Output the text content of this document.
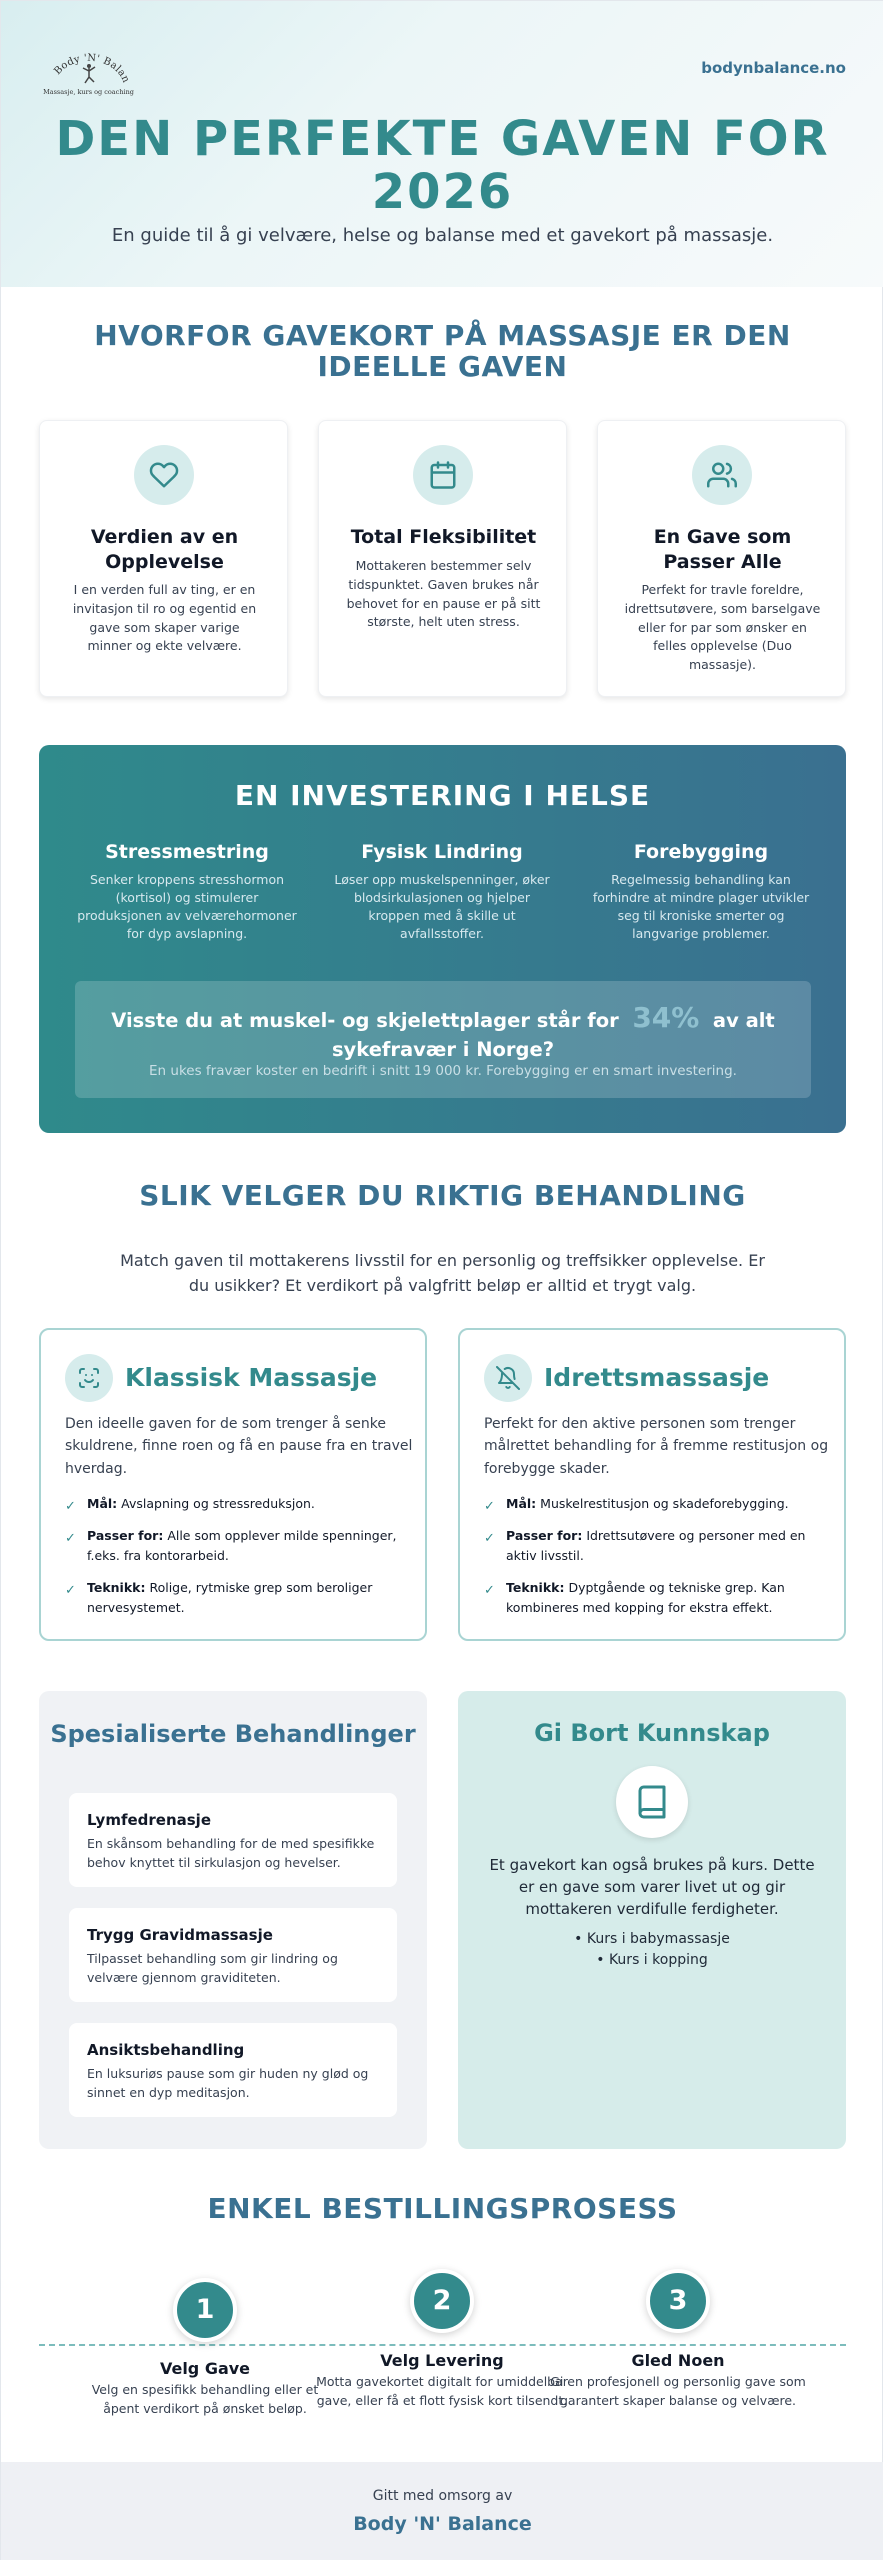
Body 'N' Balan
Massasje, kurs og coaching
bodynbalance.no
DEN PERFEKTE GAVEN FOR 2026
En guide til å gi velvære, helse og balanse med et gavekort på massasje.
HVORFOR GAVEKORT PÅ MASSASJE ER DEN IDEELLE GAVEN
Verdien av en Opplevelse

I en verden full av ting, er en invitasjon til ro og egentid en gave som skaper varige minner og ekte velvære.

Total Fleksibilitet

Mottakeren bestemmer selv tidspunktet. Gaven brukes når behovet for en pause er på sitt største, helt uten stress.

En Gave som Passer Alle

Perfekt for travle foreldre, idrettsutøvere, som barselgave eller for par som ønsker en felles opplevelse (Duo massasje).

EN INVESTERING I HELSE
Stressmestring

Senker kroppens stresshormon (kortisol) og stimulerer produksjonen av velværehormoner for dyp avslapning.

Fysisk Lindring

Løser opp muskelspenninger, øker blodsirkulasjonen og hjelper kroppen med å skille ut avfallsstoffer.

Forebygging

Regelmessig behandling kan forhindre at mindre plager utvikler seg til kroniske smerter og langvarige problemer.

Visste du at muskel- og skjelettplager står for 34% av alt sykefravær i Norge?
En ukes fravær koster en bedrift i snitt 19 000 kr. Forebygging er en smart investering.
SLIK VELGER DU RIKTIG BEHANDLING
Match gaven til mottakerens livsstil for en personlig og treffsikker opplevelse. Er du usikker? Et verdikort på valgfritt beløp er alltid et trygt valg.
Klassisk Massasje
Den ideelle gaven for de som trenger å senke skuldrene, finne roen og få en pause fra en travel hverdag.
✓ Mål: Avslapning og stressreduksjon.
✓ Passer for: Alle som opplever milde spenninger, f.eks. fra kontorarbeid.
✓ Teknikk: Rolige, rytmiske grep som beroliger nervesystemet.
Idrettsmassasje
Perfekt for den aktive personen som trenger målrettet behandling for å fremme restitusjon og forebygge skader.
✓ Mål: Muskelrestitusjon og skadeforebygging.
✓ Passer for: Idrettsutøvere og personer med en aktiv livsstil.
✓ Teknikk: Dyptgående og tekniske grep. Kan kombineres med kopping for ekstra effekt.
Spesialiserte Behandlinger
Lymfedrenasje

En skånsom behandling for de med spesifikke behov knyttet til sirkulasjon og hevelser.

Trygg Gravidmassasje

Tilpasset behandling som gir lindring og velvære gjennom graviditeten.

Ansiktsbehandling

En luksuriøs pause som gir huden ny glød og sinnet en dyp meditasjon.

Gi Bort Kunnskap

Et gavekort kan også brukes på kurs. Dette er en gave som varer livet ut og gir mottakeren verdifulle ferdigheter.

• Kurs i babymassasje
• Kurs i kopping
ENKEL BESTILLINGSPROSESS
1
Velg Gave

Velg en spesifikk behandling eller et åpent verdikort på ønsket beløp.

2
Velg Levering

Motta gavekortet digitalt for umiddelbar gave, eller få et flott fysisk kort tilsendt.

3
Gled Noen

Gi en profesjonell og personlig gave som garantert skaper balanse og velvære.

Gitt med omsorg av
Body 'N' Balance
